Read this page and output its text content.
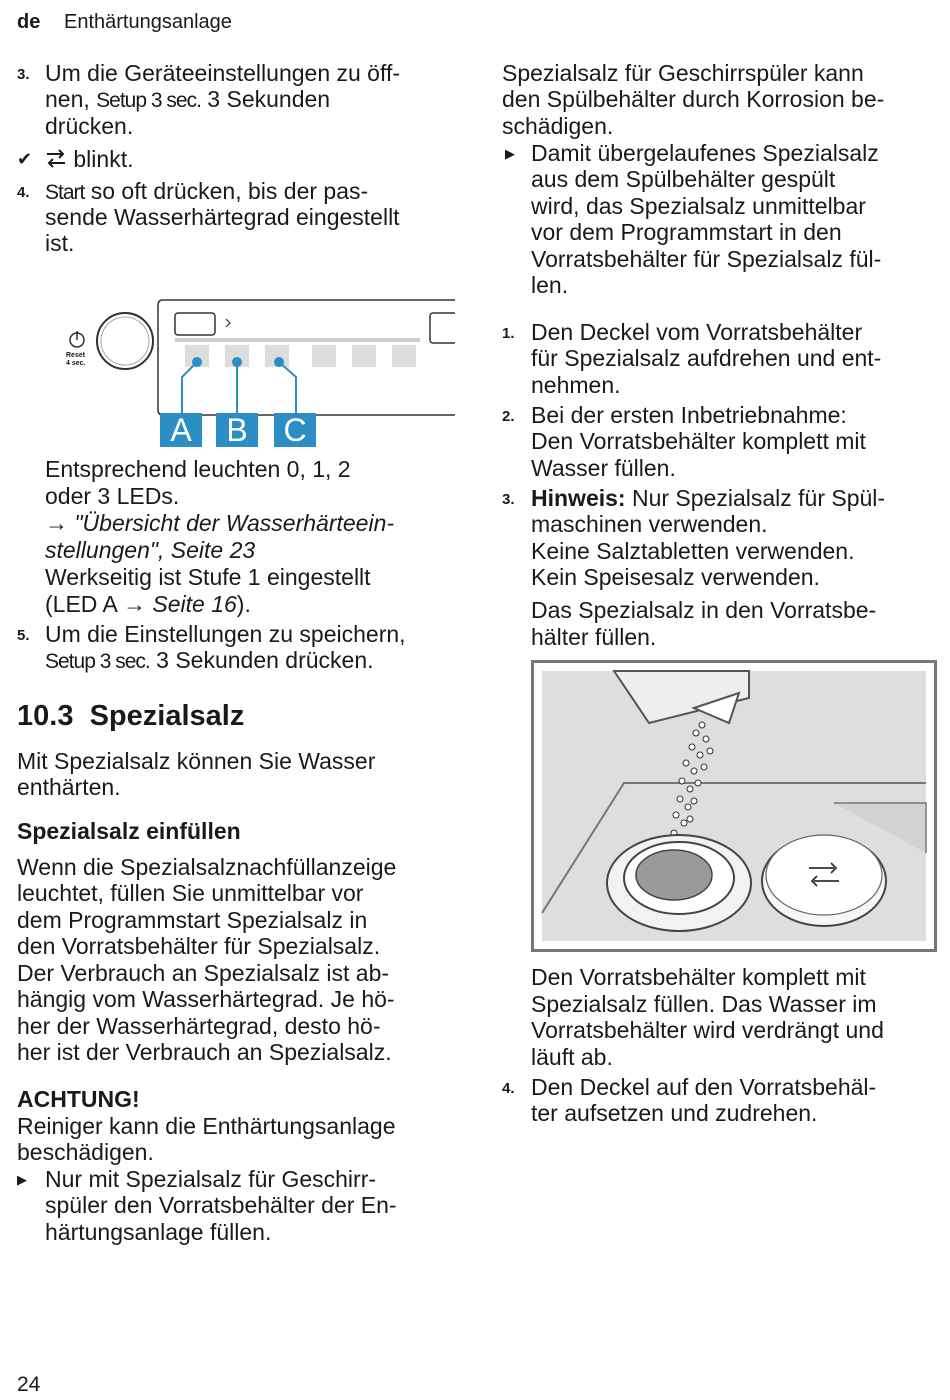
de Enthärtungsanlage
3. Um die Geräteeinstellungen zu öff-
nen, Setup 3 sec. 3 Sekunden
drücken.
✔	blinkt.
4. Start so oft drücken, bis der pas-
sende Wasserhärtegrad eingestellt
ist.
Reset
4 sec.
A	B	C
Entsprechend leuchten 0, 1, 2
oder 3 LEDs.
→ "Übersicht der Wasserhärteein-
stellungen", Seite 23
Werkseitig ist Stufe 1 eingestellt
(LED A → Seite 16).
5. Um die Einstellungen zu speichern,
Setup 3 sec. 3 Sekunden drücken.
10.3 Spezialsalz
Mit Spezialsalz können Sie Wasser
enthärten.
Spezialsalz einfüllen
Wenn die Spezialsalznachfüllanzeige
leuchtet, füllen Sie unmittelbar vor
dem Programmstart Spezialsalz in
den Vorratsbehälter für Spezialsalz.
Der Verbrauch an Spezialsalz ist ab-
hängig vom Wasserhärtegrad. Je hö-
her der Wasserhärtegrad, desto hö-
her ist der Verbrauch an Spezialsalz.
ACHTUNG!
Reiniger kann die Enthärtungsanlage
beschädigen.
▶ Nur mit Spezialsalz für Geschirr-
spüler den Vorratsbehälter der En-
härtungsanlage füllen.
Spezialsalz für Geschirrspüler kann
den Spülbehälter durch Korrosion be-
schädigen.
▶ Damit übergelaufenes Spezialsalz
aus dem Spülbehälter gespült
wird, das Spezialsalz unmittelbar
vor dem Programmstart in den
Vorratsbehälter für Spezialsalz fül-
len.
1. Den Deckel vom Vorratsbehälter
für Spezialsalz aufdrehen und ent-
nehmen.
2. Bei der ersten Inbetriebnahme:
Den Vorratsbehälter komplett mit
Wasser füllen.
3. Hinweis: Nur Spezialsalz für Spül-
maschinen verwenden.
Keine Salztabletten verwenden.
Kein Speisesalz verwenden.
Das Spezialsalz in den Vorratsbe-
hälter füllen.
Den Vorratsbehälter komplett mit
Spezialsalz füllen. Das Wasser im
Vorratsbehälter wird verdrängt und
läuft ab.
4. Den Deckel auf den Vorratsbehäl-
ter aufsetzen und zudrehen.
24
